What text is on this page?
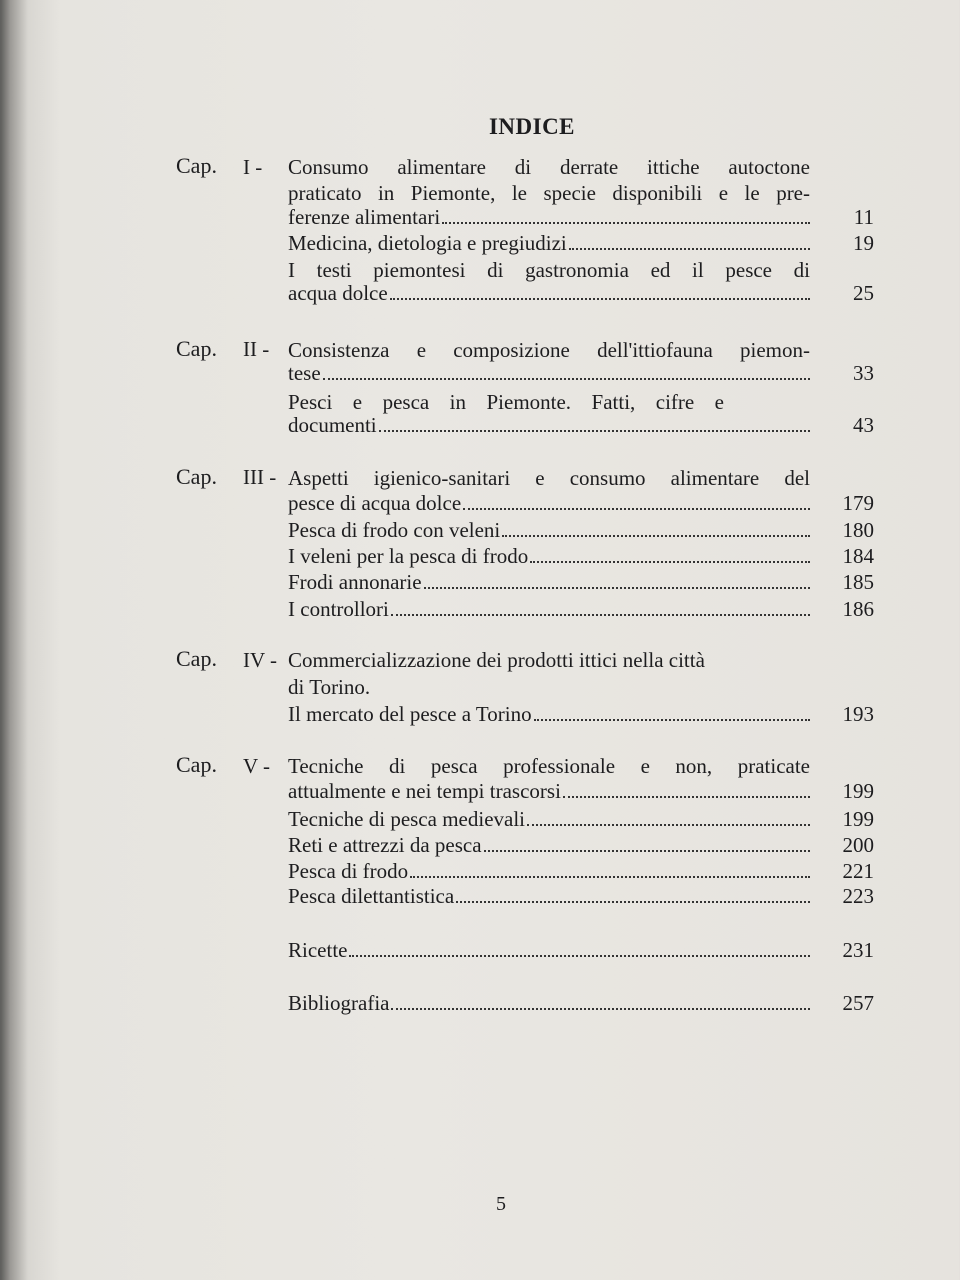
INDICE
Cap. I - Consumo alimentare di derrate ittiche autoctone
praticato in Piemonte, le specie disponibili e le pre-
ferenze alimentari	11
Medicina, dietologia e pregiudizi	19
I testi piemontesi di gastronomia ed il pesce di
acqua dolce	25
Cap. II - Consistenza e composizione dell'ittiofauna piemon-
tese	33
Pesci e pesca in Piemonte. Fatti, cifre e
documenti	43
Cap. III - Aspetti igienico-sanitari e consumo alimentare del
pesce di acqua dolce	179
Pesca di frodo con veleni	180
I veleni per la pesca di frodo	184
Frodi annonarie	185
I controllori	186
Cap. IV - Commercializzazione dei prodotti ittici nella città
di Torino.
Il mercato del pesce a Torino	193
Cap. V - Tecniche di pesca professionale e non, praticate
attualmente e nei tempi trascorsi	199
Tecniche di pesca medievali	199
Reti e attrezzi da pesca	200
Pesca di frodo	221
Pesca dilettantistica	223
Ricette	231
Bibliografia	257
5
